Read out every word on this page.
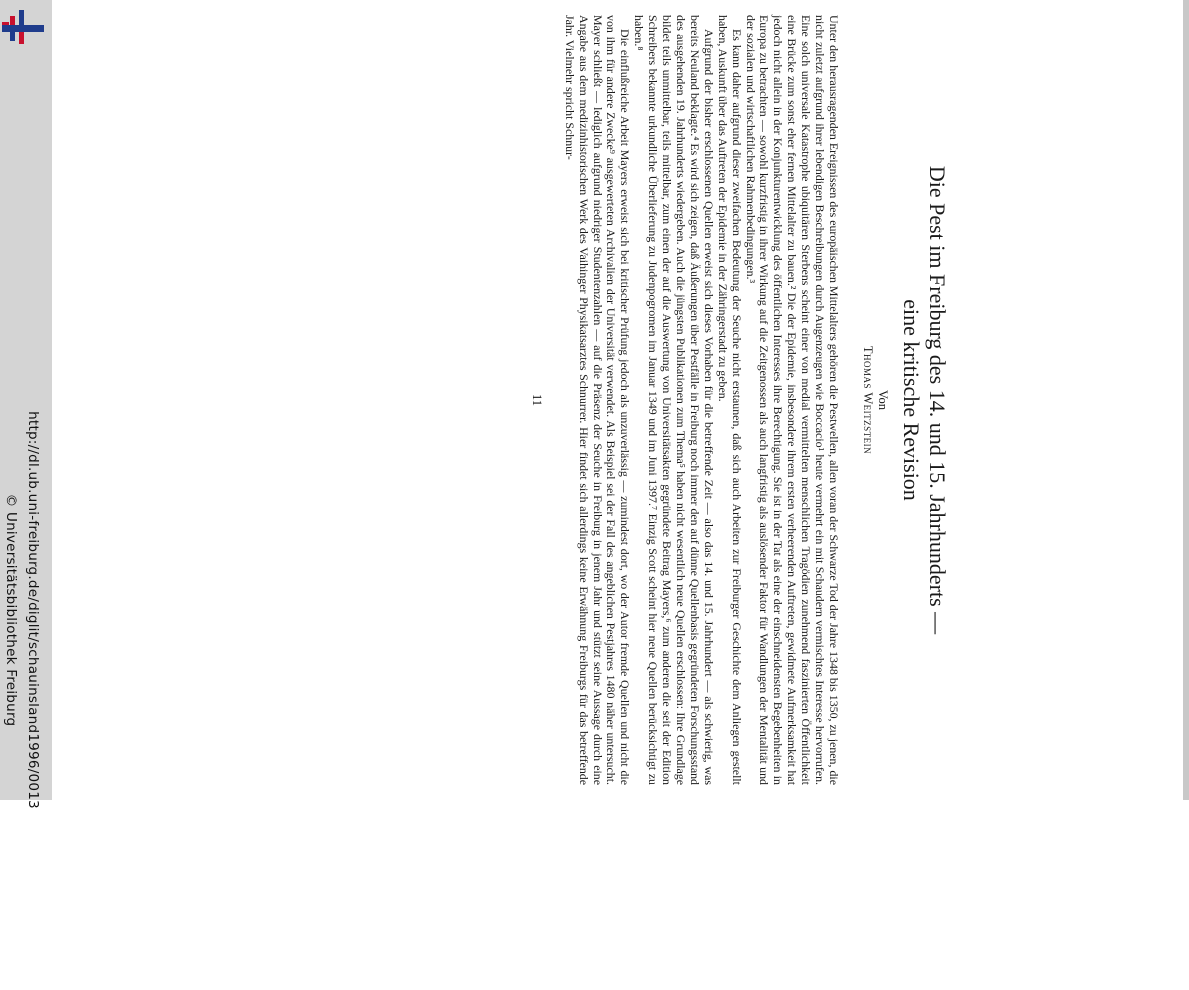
http://dl.ub.uni-freiburg.de/diglit/schauinsland1996/0013
© Universitätsbibliothek Freiburg	Die Pest im Freiburg des 14. und 15. Jahrhunderts —
eine kritische Revision
Von
Thomas Weitzstein

Unter den herausragenden Ereignissen des europäischen Mittelalters gehören die Pestwellen, allen voran der Schwarze Tod der Jahre 1348 bis 1350, zu jenen, die nicht zuletzt aufgrund ihrer lebendigen Beschreibungen durch Augenzeugen wie Boccacio¹ heute vermehrt ein mit Schaudern vermischtes Interesse hervorrufen. Eine solch universale Katastrophe ubiquitären Sterbens scheint einer von medial vermittelten menschlichen Tragödien zunehmend faszinierten Öffentlichkeit eine Brücke zum sonst eher fernen Mittelalter zu bauen.² Die der Epidemie, insbesondere ihrem ersten verheerenden Auftreten, gewidmete Aufmerksamkeit hat jedoch nicht allein in der Konjunkturentwicklung des öffentlichen Interesses ihre Berechtigung. Sie ist in der Tat als eine der einschneidensten Begebenheiten in Europa zu betrachten — sowohl kurzfristig in ihrer Wirkung auf die Zeitgenossen als auch langfristig als auslösender Faktor für Wandlungen der Mentalität und der sozialen und wirtschaftlichen Rahmenbedingungen.³

Es kann daher aufgrund dieser zweifachen Bedeutung der Seuche nicht erstaunen, daß sich auch Arbeiten zur Freiburger Geschichte dem Anliegen gestellt haben, Auskunft über das Auftreten der Epidemie in der Zähringerstadt zu geben.

Aufgrund der bisher erschlossenen Quellen erweist sich dieses Vorhaben für die betreffende Zeit — also das 14. und 15. Jahrhundert — als schwierig, was bereits Neuland beklagte.⁴ Es wird sich zeigen, daß Äußerungen über Pestfälle in Freiburg noch immer den auf dünne Quellenbasis gegründeten Forschungsstand des ausgehenden 19. Jahrhunderts wiedergeben. Auch die jüngsten Publikationen zum Thema⁵ haben nicht wesentlich neue Quellen erschlossen: Ihre Grundlage bildet teils unmittelbar, teils mittelbar, zum einen der auf die Auswertung von Universitätsakten gegründete Beitrag Mayers,⁶ zum anderen die seit der Edition Schreibers bekannte urkundliche Überlieferung zu Judenpogromen im Januar 1349 und im Juni 1397.⁷ Einzig Scott scheint hier neue Quellen berücksichtigt zu haben.⁸

Die einflußreiche Arbeit Mayers erweist sich bei kritischer Prüfung jedoch als unzuverlässig — zumindest dort, wo der Autor fremde Quellen und nicht die von ihm für andere Zwecke⁹ ausgewerteten Archivalien der Universität verwendet. Als Beispiel sei der Fall des angeblichen Pestjahres 1480 näher untersucht. Mayer schließt — lediglich aufgrund niedriger Studentenzahlen — auf die Präsenz der Seuche in Freiburg in jenem Jahr und stützt seine Aussage durch eine Angabe aus dem medizinhistorischen Werk des Vaihinger Physikatsarztes Schnurrer. Hier findet sich allerdings keine Erwähnung Freiburgs für das betreffende Jahr. Vielmehr spricht Schnur-

11
